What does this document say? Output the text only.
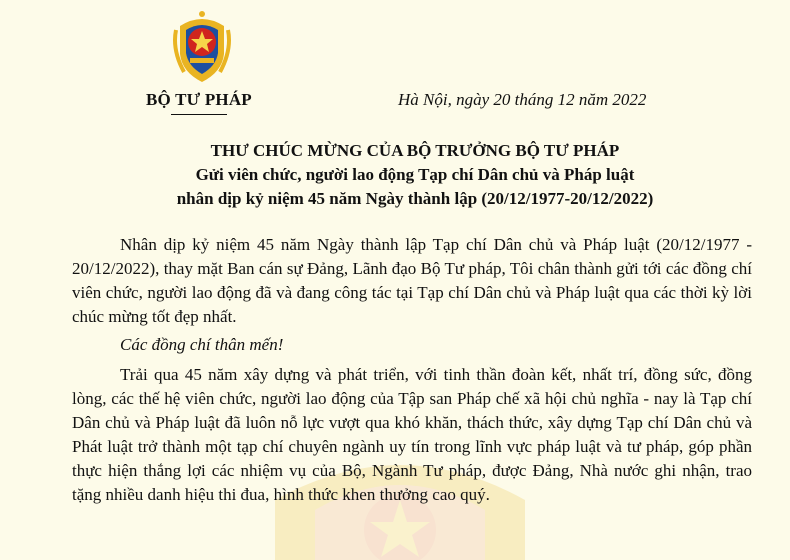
BỘ TƯ PHÁP	Hà Nội, ngày 20 tháng 12 năm 2022
THƯ CHÚC MỪNG CỦA BỘ TRƯỞNG BỘ TƯ PHÁP
Gửi viên chức, người lao động Tạp chí Dân chủ và Pháp luật
nhân dịp kỷ niệm 45 năm Ngày thành lập (20/12/1977-20/12/2022)

Nhân dịp kỷ niệm 45 năm Ngày thành lập Tạp chí Dân chủ và Pháp luật (20/12/1977 - 20/12/2022), thay mặt Ban cán sự Đảng, Lãnh đạo Bộ Tư pháp, Tôi chân thành gửi tới các đồng chí viên chức, người lao động đã và đang công tác tại Tạp chí Dân chủ và Pháp luật qua các thời kỳ lời chúc mừng tốt đẹp nhất.

Các đồng chí thân mến!

Trải qua 45 năm xây dựng và phát triển, với tinh thần đoàn kết, nhất trí, đồng sức, đồng lòng, các thế hệ viên chức, người lao động của Tập san Pháp chế xã hội chủ nghĩa - nay là Tạp chí Dân chủ và Pháp luật đã luôn nỗ lực vượt qua khó khăn, thách thức, xây dựng Tạp chí Dân chủ và Phát luật trở thành một tạp chí chuyên ngành uy tín trong lĩnh vực pháp luật và tư pháp, góp phần thực hiện thắng lợi các nhiệm vụ của Bộ, Ngành Tư pháp, được Đảng, Nhà nước ghi nhận, trao tặng nhiều danh hiệu thi đua, hình thức khen thưởng cao quý.
